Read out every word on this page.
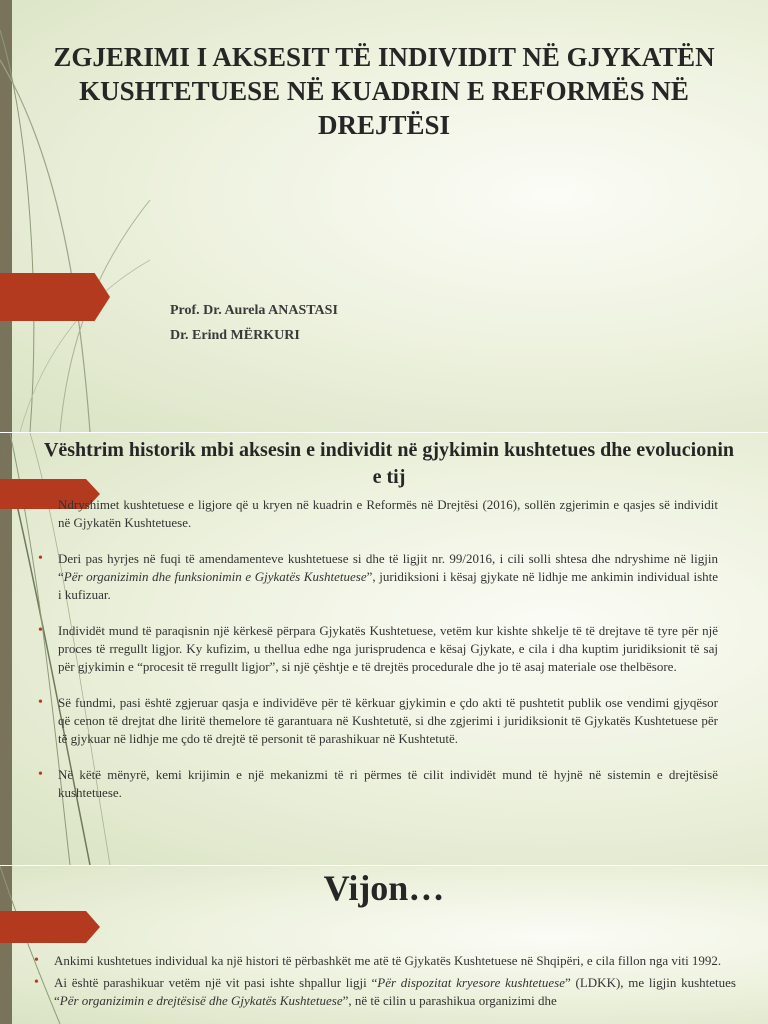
ZGJERIMI I AKSESIT TË INDIVIDIT NË GJYKATËN KUSHTETUESE NË KUADRIN E REFORMËS NË DREJTËSI
Prof. Dr. Aurela ANASTASI
Dr. Erind MËRKURI
Vështrim historik mbi aksesin e individit në gjykimin kushtetues dhe evolucionin e tij
Ndryshimet kushtetuese e ligjore që u kryen në kuadrin e Reformës në Drejtësi (2016), sollën zgjerimin e qasjes së individit në Gjykatën Kushtetuese.
• Deri pas hyrjes në fuqi të amendamenteve kushtetuese si dhe të ligjit nr. 99/2016, i cili solli shtesa dhe ndryshime në ligjin “Për organizimin dhe funksionimin e Gjykatës Kushtetuese”, juridiksioni i kësaj gjykate në lidhje me ankimin individual ishte i kufizuar.
• Individët mund të paraqisnin një kërkesë përpara Gjykatës Kushtetuese, vetëm kur kishte shkelje të të drejtave të tyre për një proces të rregullt ligjor. Ky kufizim, u thellua edhe nga jurisprudenca e kësaj Gjykate, e cila i dha kuptim juridiksionit të saj për gjykimin e “procesit të rregullt ligjor”, si një çështje e të drejtës procedurale dhe jo të asaj materiale ose thelbësore.
• Së fundmi, pasi është zgjeruar qasja e individëve për të kërkuar gjykimin e çdo akti të pushtetit publik ose vendimi gjyqësor që cenon të drejtat dhe liritë themelore të garantuara në Kushtetutë, si dhe zgjerimi i juridiksionit të Gjykatës Kushtetuese për të gjykuar në lidhje me çdo të drejtë të personit të parashikuar në Kushtetutë.
• Në këtë mënyrë, kemi krijimin e një mekanizmi të ri përmes të cilit individët mund të hyjnë në sistemin e drejtësisë kushtetuese.
Vijon…
• Ankimi kushtetues individual ka një histori të përbashkët me atë të Gjykatës Kushtetuese në Shqipëri, e cila fillon nga viti 1992.
• Ai është parashikuar vetëm një vit pasi ishte shpallur ligji “Për dispozitat kryesore kushtetuese” (LDKK), me ligjin kushtetues “Për organizimin e drejtësisë dhe Gjykatës Kushtetuese”, në të cilin u parashikua organizimi dhe
